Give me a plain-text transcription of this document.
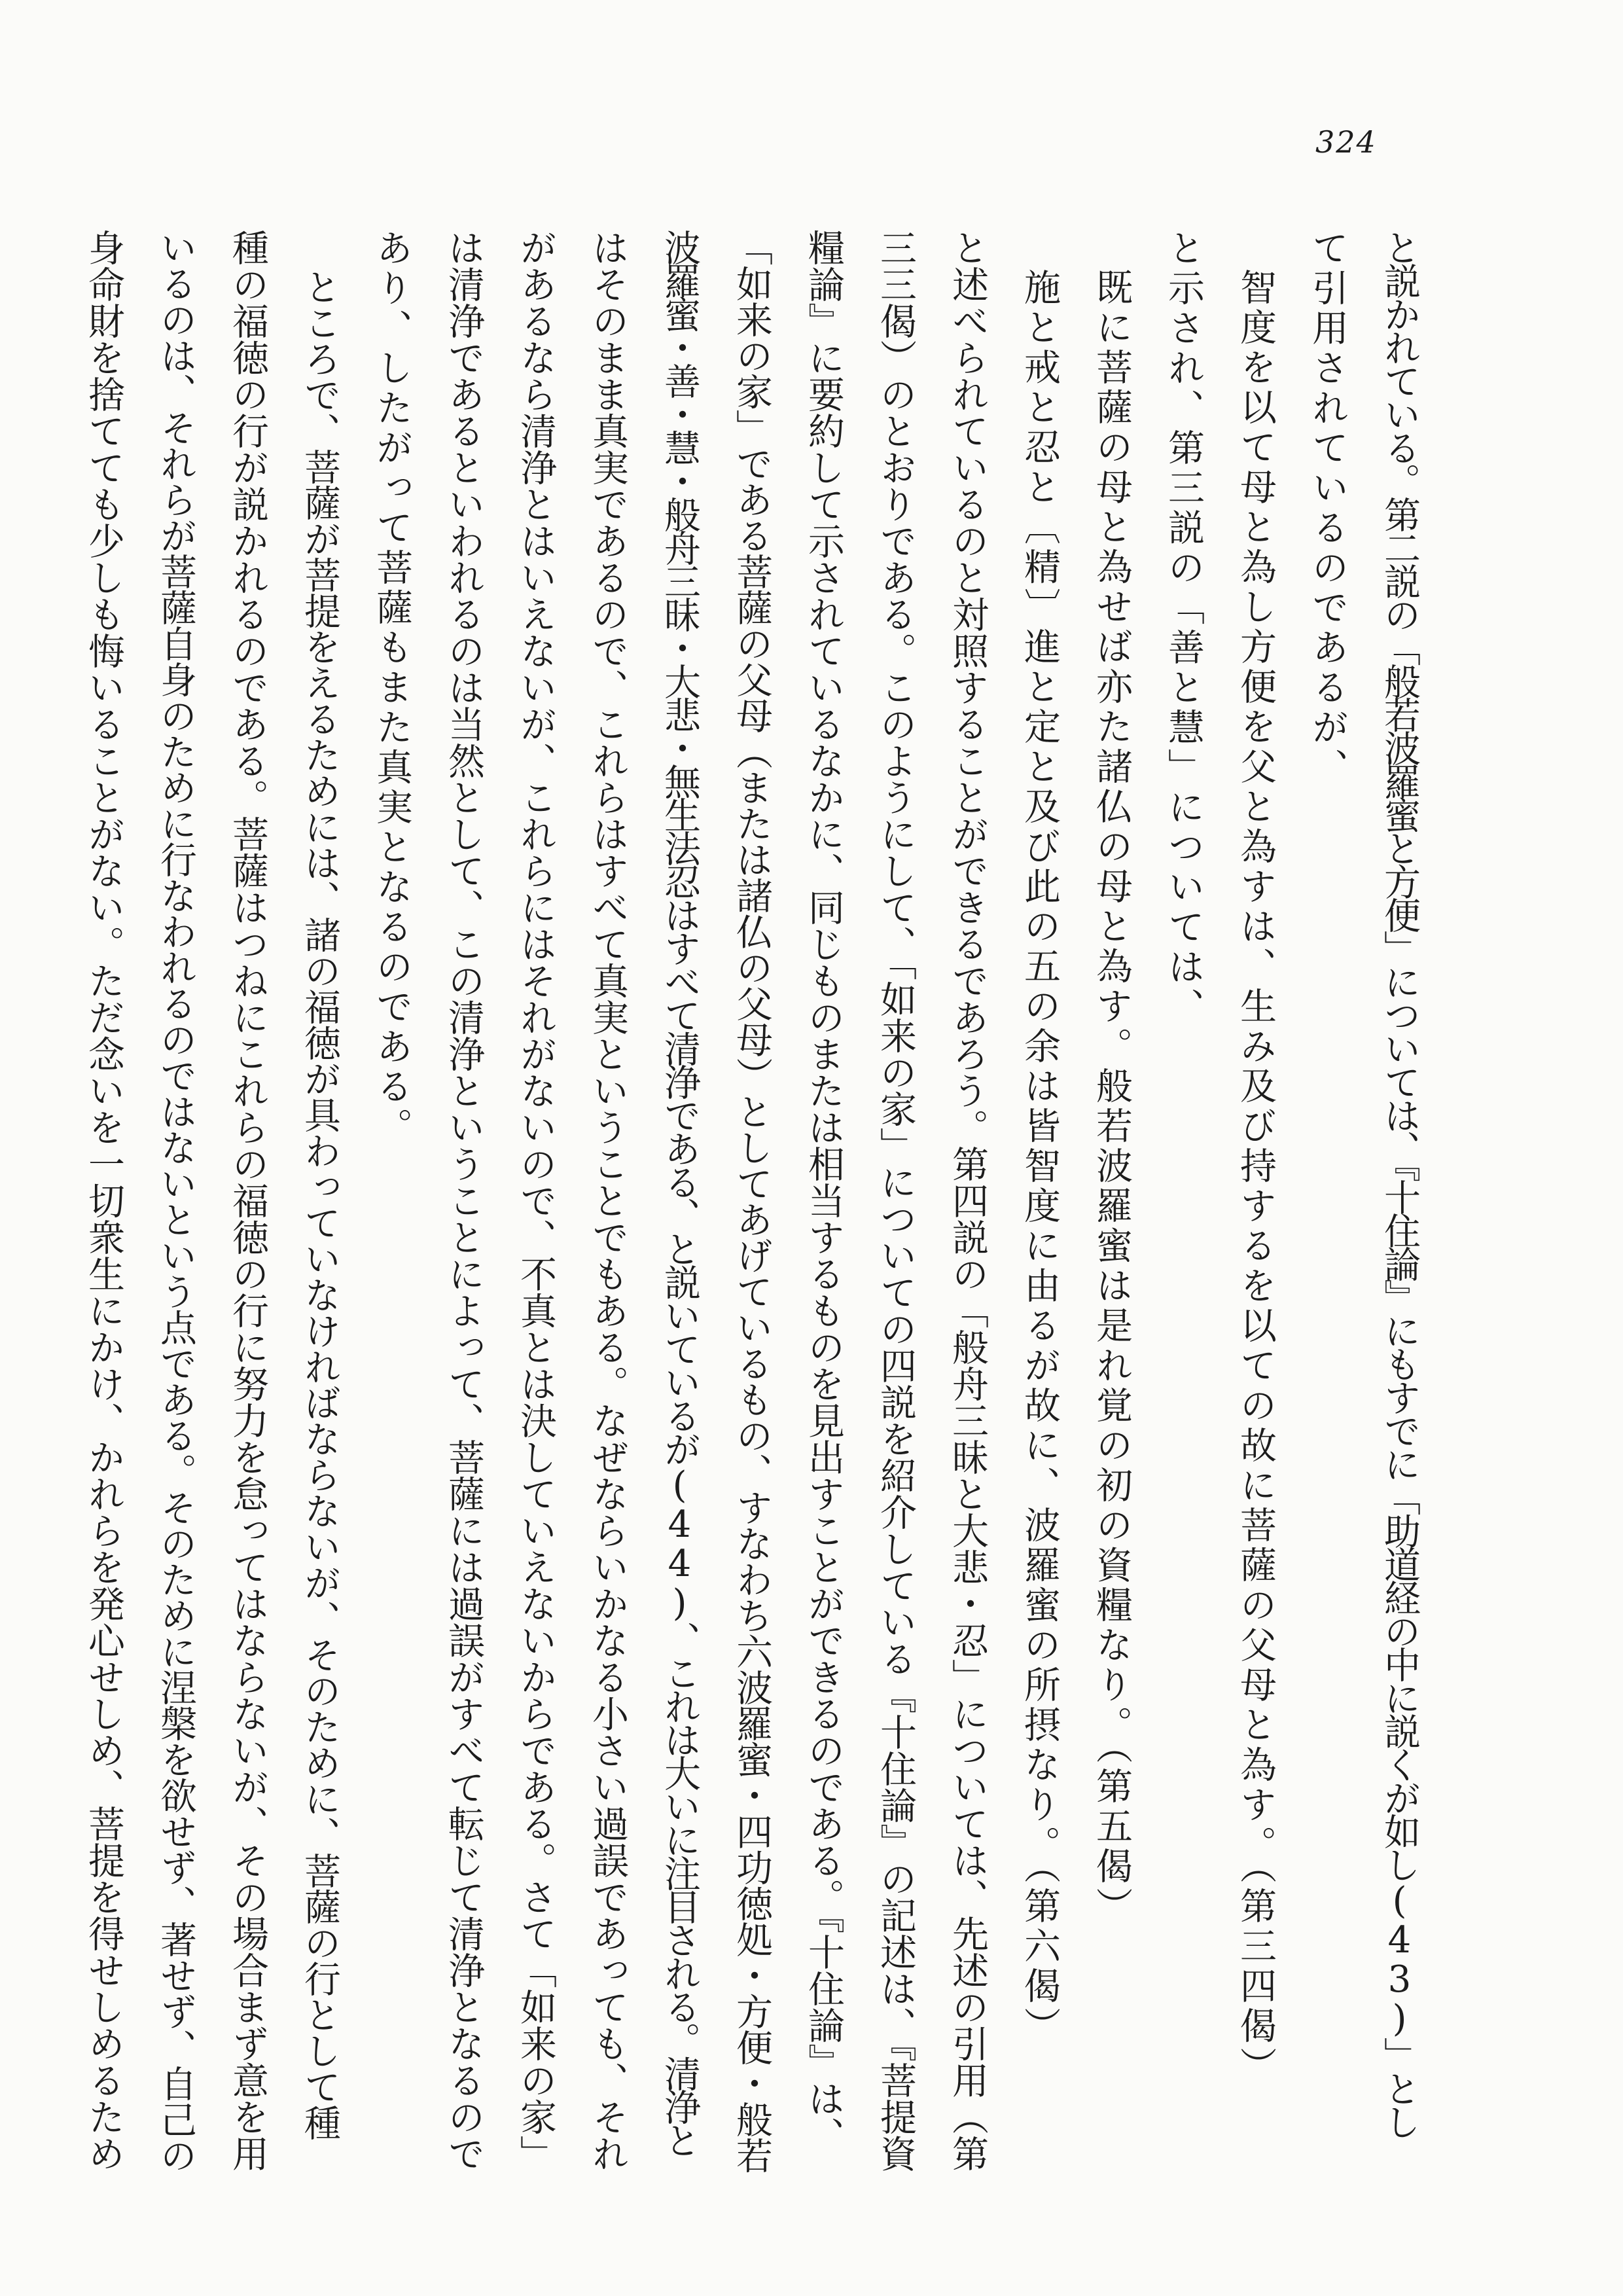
324
と説かれている。第二説の「般若波羅蜜と方便」については、『十住論』にもすでに「助道経の中に説くが如し(43)」とし
て引用されているのであるが、
智度を以て母と為し方便を父と為すは、生み及び持するを以ての故に菩薩の父母と為す。（第三四偈）
と示され、第三説の「善と慧」については、
既に菩薩の母と為せば亦た諸仏の母と為す。般若波羅蜜は是れ覚の初の資糧なり。（第五偈）
施と戒と忍と〔精〕進と定と及び此の五の余は皆智度に由るが故に、波羅蜜の所摂なり。（第六偈）
と述べられているのと対照することができるであろう。第四説の「般舟三昧と大悲・忍」については、先述の引用（第
三三偈）のとおりである。このようにして、「如来の家」についての四説を紹介している『十住論』の記述は、『菩提資
糧論』に要約して示されているなかに、同じものまたは相当するものを見出すことができるのである。『十住論』は、
「如来の家」である菩薩の父母（または諸仏の父母）としてあげているもの、すなわち六波羅蜜・四功徳処・方便・般若
波羅蜜・善・慧・般舟三昧・大悲・無生法忍はすべて清浄である、と説いているが(44)、これは大いに注目される。清浄と
はそのまま真実であるので、これらはすべて真実ということでもある。なぜならいかなる小さい過誤であっても、それ
があるなら清浄とはいえないが、これらにはそれがないので、不真とは決していえないからである。さて「如来の家」
は清浄であるといわれるのは当然として、この清浄ということによって、菩薩には過誤がすべて転じて清浄となるので
あり、したがって菩薩もまた真実となるのである。
ところで、菩薩が菩提をえるためには、諸の福徳が具わっていなければならないが、そのために、菩薩の行として種
種の福徳の行が説かれるのである。菩薩はつねにこれらの福徳の行に努力を怠ってはならないが、その場合まず意を用
いるのは、それらが菩薩自身のために行なわれるのではないという点である。そのために涅槃を欲せず、著せず、自己の
身命財を捨てても少しも悔いることがない。ただ念いを一切衆生にかけ、かれらを発心せしめ、菩提を得せしめるため
